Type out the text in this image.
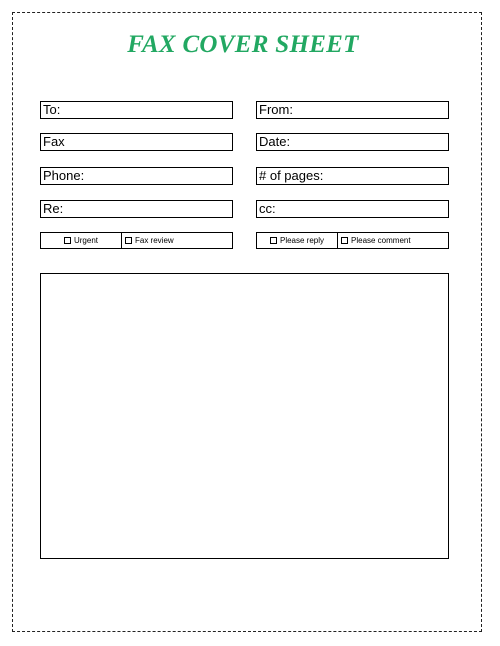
FAX COVER SHEET
To:	From:
Fax	Date:
Phone:	# of pages:
Re:	cc:
Urgent	Fax review	Please reply	Please comment
